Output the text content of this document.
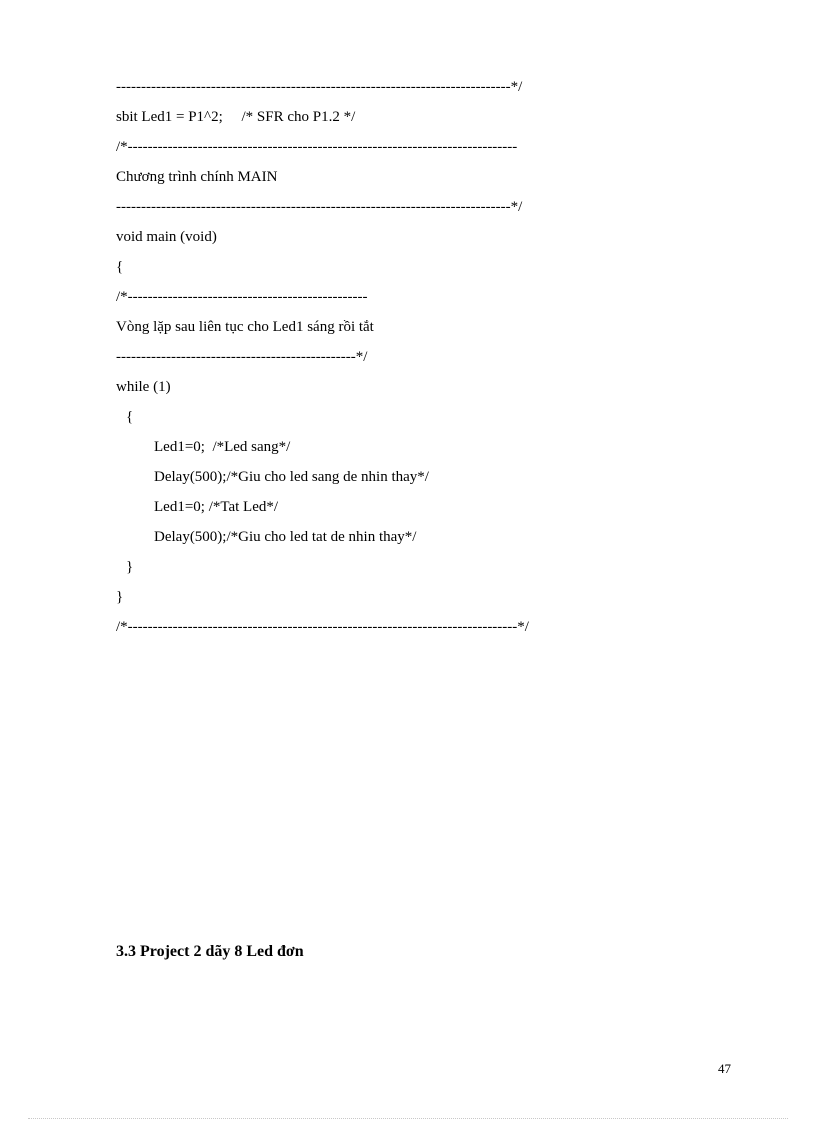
-------------------------------------------------------------------------------*/
sbit Led1 = P1^2;     /* SFR cho P1.2 */
/*------------------------------------------------------------------------------
Chương trình chính MAIN
-------------------------------------------------------------------------------*/
void main (void)
{
/*------------------------------------------------
Vòng lặp sau liên tục cho Led1 sáng rồi tắt
------------------------------------------------*/
while (1)
{
Led1=0;  /*Led sang*/
Delay(500);/*Giu cho led sang de nhin thay*/
Led1=0; /*Tat Led*/
Delay(500);/*Giu cho led tat de nhin thay*/
}
}
/*------------------------------------------------------------------------------*/
3.3 Project 2 dãy 8 Led đơn
47
